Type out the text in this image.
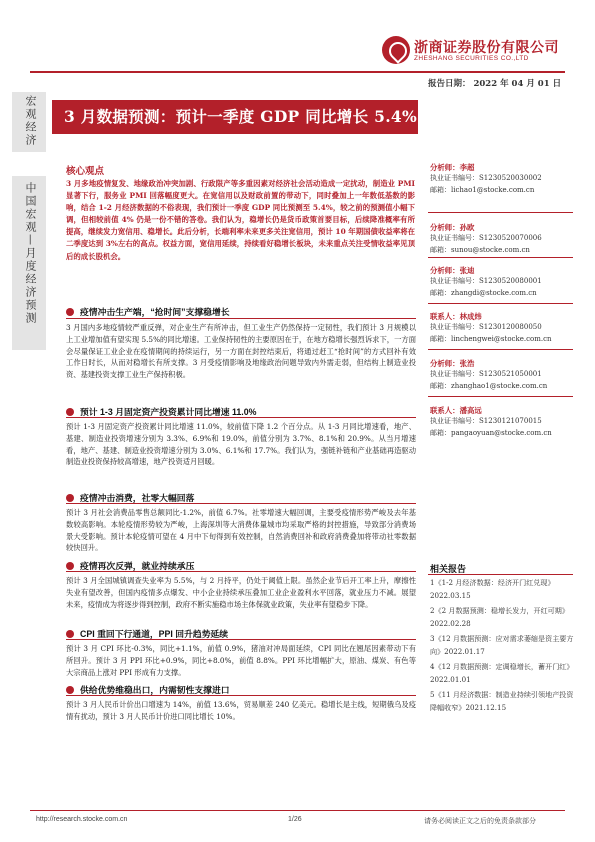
浙商证券股份有限公司
ZHESHANG SECURITIES CO.,LTD
报告日期： 2022 年 04 月 01 日
宏观经济
中国宏观—月度经济预测
3 月数据预测：预计一季度 GDP 同比增长 5.4%
核心观点
3 月多地疫情复发、地缘政治冲突加剧、行政限产等多重因素对经济社会活动造成一定扰动，制造业 PMI 显著下行，服务业 PMI 回落幅度更大。在宽信用以及财政前置的带动下，同时叠加上一年数低基数的影响，结合 1-2 月经济数据的不俗表现，我们预计一季度 GDP 同比预测至 5.4%，较之前的预测值小幅下调，但相较前值 4% 仍是一份不错的答卷。我们认为，稳增长仍是货币政策首要目标，后续降准概率有所提高，继续发力宽信用、稳增长。此后分析，长端利率未来更多关注宽信用，预计 10 年期国债收益率将在二季度达到 3%左右的高点。权益方面，宽信用延续，持续看好稳增长板块，未来重点关注受情收益率见顶后的成长股机会。
疫情冲击生产端，“抢时间”支撑稳增长
3 月国内多地疫情较严重反弹，对企业生产有所冲击，但工业生产仍然保持一定韧性，我们预计 3 月规模以上工业增加值有望实现 5.5%的同比增速。工业保持韧性的主要原因在于，在地方稳增长强烈诉求下，一方面会尽量保证工业企业在疫情期间的持续运行，另一方面在封控结束后，将通过赶工“抢时间”的方式回补有效工作日时长，从而对稳增长有所支撑。3 月受疫情影响及地缘政治问题导致内外需走弱，但结构上制造业投资、基建投资支撑工业生产保持积极。
预计 1-3 月固定资产投资累计同比增速 11.0%
预计 1-3 月固定资产投资累计同比增速 11.0%，较前值下降 1.2 个百分点。从 1-3 月同比增速看，地产、基建、制造业投资增速分别为 3.3%、6.9%和 19.0%，前值分别为 3.7%、8.1%和 20.9%。从当月增速看，地产、基建、制造业投资增速分别为 3.0%、6.1%和 17.7%。我们认为，强链补链和产业基础再造驱动制造业投资保持较高增速，地产投资适月回暖。
疫情冲击消费，社零大幅回落
预计 3 月社会消费品零售总额同比-1.2%，前值 6.7%。社零增速大幅回调，主要受疫情形势严峻及去年基数较高影响。本轮疫情形势较为严峻，上海深圳等大消费体量城市均采取严格的封控措施，导致部分消费场景大受影响。预计本轮疫情可望在 4 月中下旬得到有效控制，自然消费回补和政府消费叠加将带动社零数据较快回升。
疫情再次反弹，就业持续承压
预计 3 月全国城镇调查失业率为 5.5%，与 2 月持平，仍处于阈值上限。虽然企业节后开工率上升，摩擦性失业有望改善，但国内疫情多点爆发、中小企业持续承压叠加工业企业盈利水平回落，就业压力不减。展望未来，疫情成为将逐步得到控制，政府不断实施稳市场主体保就业政策，失业率有望稳步下降。
CPI 重回下行通道，PPI 回升趋势延续
预计 3 月 CPI 环比-0.3%，同比+1.1%，前值 0.9%，猪油对冲局面延续，CPI 同比在翘尾因素带动下有所回升。预计 3 月 PPI 环比+0.9%，同比+8.0%，前值 8.8%。PPI 环比增幅扩大，原油、煤炭、有色等大宗商品上涨对 PPI 形成有力支撑。
供给优势维稳出口，内需韧性支撑进口
预计 3 月人民币计价出口增速为 14%，前值 13.6%，贸易顺差 240 亿美元。稳增长是主线，短期俄乌及疫情有扰动，预计 3 月人民币计价进口同比增长 10%。
分析师：李超
执业证书编号：S1230520030002
邮箱：lichao1@stocke.com.cn
分析师：孙欧
执业证书编号：S1230520070006
邮箱：sunou@stocke.com.cn
分析师：张迪
执业证书编号：S1230520080001
邮箱：zhangdi@stocke.com.cn
联系人：林成炜
执业证书编号：S1230120080050
邮箱：linchengwei@stocke.com.cn
分析师：张浩
执业证书编号：S1230521050001
邮箱：zhanghao1@stocke.com.cn
联系人：潘高远
执业证书编号：S1230121070015
邮箱：pangaoyuan@stocke.com.cn
相关报告
1《1-2 月经济数据：经济开门红兑现》2022.03.15
2《2 月数据预测：稳增长发力，开红可期》2022.02.28
3《12 月数据预测：应对需求萎缩是资主要方向》2022.01.17
4《12 月数据预测：定调稳增长，蓄开门红》2022.01.01
5《11 月经济数据：制造业持续引领地产投资降幅收窄》2021.12.15
http://research.stocke.com.cn	1/26	请务必阅读正文之后的免责条款部分
